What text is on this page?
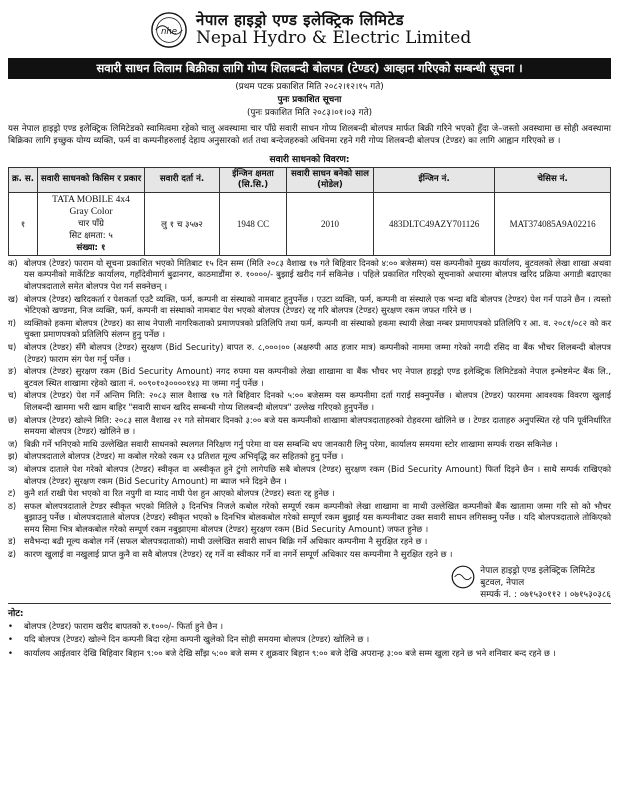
nhe
नेपाल हाइड्रो एण्ड इलेक्ट्रिक लिमिटेड
Nepal Hydro & Electric Limited
सवारी साधन लिलाम बिक्रीका लागि गोप्य शिलबन्दी बोलपत्र (टेण्डर) आव्हान गरिएको सम्बन्धी सूचना ।
(प्रथम पटक प्रकाशित मिति २०८२।१२।१५ गते)
पुनः प्रकाशित सूचना
(पुनः प्रकाशित मिति २०८३।०१।०३ गते)

यस नेपाल हाइड्रो एण्ड इलेक्ट्रिक लिमिटेडको स्वामित्वमा रहेको चालु अवस्थामा चार पाँग्रे सवारी साधन गोप्य शिलबन्दी बोलपत्र मार्फत बिक्री गरिने भएको हुँदा जे–जस्तो अवस्थामा छ सोही अवस्थामा बिक्रिका लागि इच्छुक योग्य व्यक्ति, फर्म वा कम्पनीहरुलाई देहाय अनुसारको शर्त तथा बन्देजहरुको अधिनमा रहने गरी गोप्य शिलबन्दी बोलपत्र (टेण्डर) का लागि आह्वान गरिएको छ ।

सवारी साधनको विवरण:
क्र. स.	सवारी साधनको किसिम र प्रकार	सवारी दर्ता नं.	ईन्जिन क्षमता (सि.सि.)	सवारी साधन बनेको साल (मोडेल)	ईन्जिन नं.	चेसिस नं.
१	TATA MOBILE 4x4
Gray Color
चार पाँग्रे
सिट क्षमता: ५
संख्या: १	लु १ च ३५७२	1948 CC	2010	483DLTC49AZY701126	MAT374085A9A02216
क) बोलपत्र (टेण्डर) फाराम यो सूचना प्रकाशित भएको मितिबाट १५ दिन सम्म (मिति २०८३ वैशाख १७ गते बिहिवार दिनको ४:०० बजेसम्म) यस कम्पनीको मुख्य कार्यालय, बुटवलको लेखा शाखा अथवा यस कम्पनीको मार्केटिङ कार्यालय, गहाँदेवीमार्ग बुढानगर, काठमाडौंमा रु. १००००/- बुझाई खरीद गर्न सकिनेछ । पहिले प्रकाशित गरिएको सूचनाको अधारमा बोलपत्र खरिद प्रक्रिया अगाडी बढाएका बोलपत्रदाताले समेत बोलपत्र पेश गर्न सक्नेछन् ।
ख) बोलपत्र (टेण्डर) खरिदकर्ता र पेशकर्ता एउटै व्यक्ति, फर्म, कम्पनी वा संस्थाको नामबाट हुनुपर्नेछ । एउटा व्यक्ति, फर्म, कम्पनी वा संस्थाले एक भन्दा बढि बोलपत्र (टेण्डर) पेश गर्न पाउने छैन । त्यस्तो भेटिएको खण्डमा, निज व्यक्ति, फर्म, कम्पनी वा संस्थाको नामबाट पेश भएको बोलपत्र (टेण्डर) रद्द गरि बोलपत्र (टेण्डर) सुरक्षण रकम जफत गरिने छ ।
ग) व्यक्तिको हकमा बोलपत्र (टेण्डर) का साथ नेपाली नागरिकताको प्रमाणपत्रको प्रतिलिपि तथा फर्म, कम्पनी वा संस्थाको हकमा स्थायी लेखा नम्बर प्रमाणपत्रको प्रतिलिपि र आ. व. २०८१/०८२ को कर चुक्ता प्रमाणपत्रको प्रतिलिपि संलग्न हुनु पर्नेछ ।
घ) बोलपत्र (टेण्डर) सँगै बोलपत्र (टेण्डर) सुरक्षण (Bid Security) बापत रु. ८,०००।०० (अक्षरुपी आठ हजार मात्र) कम्पनीको नाममा जम्मा गरेको नगदी रसिद वा बैंक भौचर शिलबन्दी बोलपत्र (टेण्डर) फाराम संग पेश गर्नु पर्नेछ ।
ङ) बोलपत्र (टेण्डर) सुरक्षण रकम (Bid Security Amount) नगद रुपमा यस कम्पनीको लेखा शाखामा वा बैंक भौचर भए नेपाल हाइड्रो एण्ड इलेक्ट्रिक लिमिटेडको नेपाल इन्भेष्टमेन्ट बैंक लि., बुटवल स्थित शाखामा रहेको खाता नं. ००९०१०३००००१४३ मा जम्मा गर्नु पर्नेछ ।
च) बोलपत्र (टेण्डर) पेश गर्ने अन्तिम मिति: २०८३ साल वैशाख १७ गते बिहिवार दिनको ५:०० बजेसम्म यस कम्पनीमा दर्ता गराई सक्नुपर्नेछ । बोलपत्र (टेण्डर) फारममा आवश्यक विवरण खुलाई शिलबन्दी खाममा भरी खाम बाहिर "सवारी साधन खरिद सम्बन्धी गोप्य शिलबन्दी बोलपत्र" उल्लेख गरिएको हुनुपर्नेछ ।
छ) बोलपत्र (टेण्डर) खोल्ने मिति: २०८३ साल वैशाख २१ गते सोमबार दिनको ३:०० बजे यस कम्पनीको शाखामा बोलपत्रदाताहरुको रोहवरमा खोलिने छ । टेण्डर दाताहरु अनुपस्थित रहे पनि पूर्वनिर्धारित समयमा बोलपत्र (टेण्डर) खोलिने छ ।
ज) बिक्री गर्ने भनिएको माथि उल्लेखित सवारी साधनको स्थलगत निरिक्षण गर्नु परेमा वा यस सम्बन्धि थप जानकारी लिनु परेमा, कार्यालय समयमा स्टोर शाखामा सम्पर्क राख्न सकिनेछ ।
झ) बोलपत्रदाताले बोलपत्र (टेण्डर) मा कबोल गरेको रकम १३ प्रतिशत मूल्य अभिवृद्धि कर सहितको हुनु पर्नेछ ।
ञ) बोलपत्र दाताले पेश गरेको बोलपत्र (टेण्डर) स्वीकृत वा अस्वीकृत हुने टुंगो लागेपछि सबै बोलपत्र (टेण्डर) सुरक्षण रकम (Bid Security Amount) फिर्ता दिइने छैन । साथै सम्पर्क राखिएको बोलपत्र (टेण्डर) सुरक्षण रकम (Bid Security Amount) मा ब्याज भने दिइने छैन ।
ट)	कुनै शर्त राखी पेश भएको वा रित नपुगी वा म्याद नाघी पेश हुन आएको बोलपत्र (टेण्डर) स्वतः रद्द हुनेछ ।
ठ) सफल बोलपत्रदाताले टेण्डर स्वीकृत भएको मितिले ३ दिनभित्र निजले कबोल गरेको सम्पूर्ण रकम कम्पनीको लेखा शाखामा वा माथी उल्लेखित कम्पनीको बैंक खातामा जम्मा गरि सो को भौचर बुझाउनु पर्नेछ । बोलपत्रदाताले बोलपत्र (टेण्डर) स्वीकृत भएको ७ दिनभित्र बोलकबोल गरेको सम्पूर्ण रकम बुझाई यस कम्पनीबाट उक्त सवारी साधन लगिसक्नु पर्नेछ । यदि बोलपत्रदाताले तोकिएको समय सिमा भित्र बोलकबोल गरेको सम्पूर्ण रकम नबुझाएमा बोलपत्र (टेण्डर) सुरक्षण रकम (Bid Security Amount) जफत हुनेछ ।
ड) सवैभन्दा बढी मूल्य कबोल गर्ने (सफल बोलपत्रदाताको) माथी उल्लेखित सवारी साधन बिक्रि गर्ने अधिकार कम्पनीमा नै सुरक्षित रहने छ ।
ढ) कारण खुलाई वा नखुलाई प्राप्त कुनै वा सवै बोलपत्र (टेण्डर) रद्द गर्ने वा स्वीकार गर्ने वा नगर्ने सम्पूर्ण अधिकार यस कम्पनीमा नै सुरक्षित रहने छ ।
नेपाल हाइड्रो एण्ड इलेक्ट्रिक लिमिटेड
बुटवल, नेपाल
सम्पर्क नं. : ०७१५३०११२ । ०७१५३०३८६
नोट:
•	बोलपत्र (टेण्डर) फाराम खरीद बापतको रु.१०००/- फिर्ता हुने छैन ।
•	यदि बोलपत्र (टेण्डर) खोल्ने दिन कम्पनी बिदा रहेमा कम्पनी खुलेको दिन सोही समयमा बोलपत्र (टेण्डर) खोलिने छ ।
•	कार्यालय आईतवार देखि बिहिवार बिहान ९:०० बजे देखि साँझ ५:०० बजे सम्म र शुक्रवार बिहान ९:०० बजे देखि अपरान्ह ३:०० बजे सम्म खुला रहने छ भने शनिवार बन्द रहने छ ।
